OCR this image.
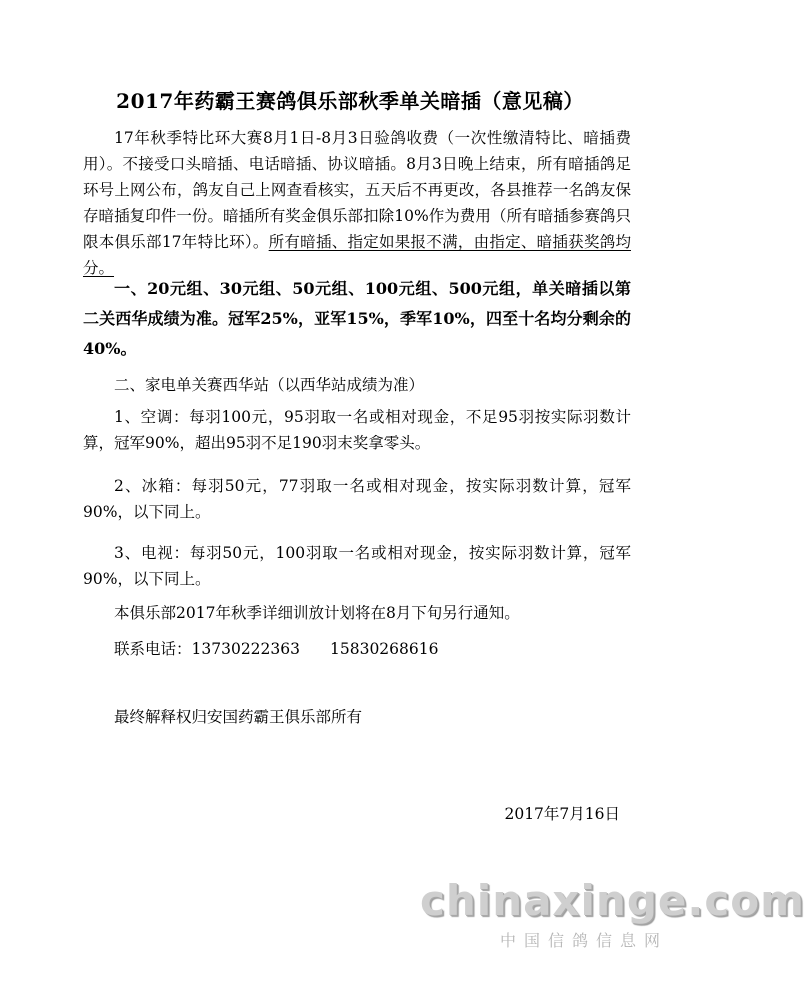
2017年药霸王赛鸽俱乐部秋季单关暗插（意见稿）

17年秋季特比环大赛8月1日-8月3日验鸽收费（一次性缴清特比、暗插费用）。不接受口头暗插、电话暗插、协议暗插。8月3日晚上结束，所有暗插鸽足环号上网公布，鸽友自己上网查看核实，五天后不再更改，各县推荐一名鸽友保存暗插复印件一份。暗插所有奖金俱乐部扣除10%作为费用（所有暗插参赛鸽只限本俱乐部17年特比环）。所有暗插、指定如果报不满，由指定、暗插获奖鸽均分。

一、20元组、30元组、50元组、100元组、500元组，单关暗插以第二关西华成绩为准。冠军25%，亚军15%，季军10%，四至十名均分剩余的40%。

二、家电单关赛西华站（以西华站成绩为准）

1、空调：每羽100元，95羽取一名或相对现金，不足95羽按实际羽数计算，冠军90%，超出95羽不足190羽末奖拿零头。

2、冰箱：每羽50元，77羽取一名或相对现金，按实际羽数计算，冠军90%，以下同上。

3、电视：每羽50元，100羽取一名或相对现金，按实际羽数计算，冠军90%，以下同上。

本俱乐部2017年秋季详细训放计划将在8月下旬另行通知。

联系电话：13730222363 15830268616

最终解释权归安国药霸王俱乐部所有

2017年7月16日
chinaxinge.com
中国信鸽信息网
